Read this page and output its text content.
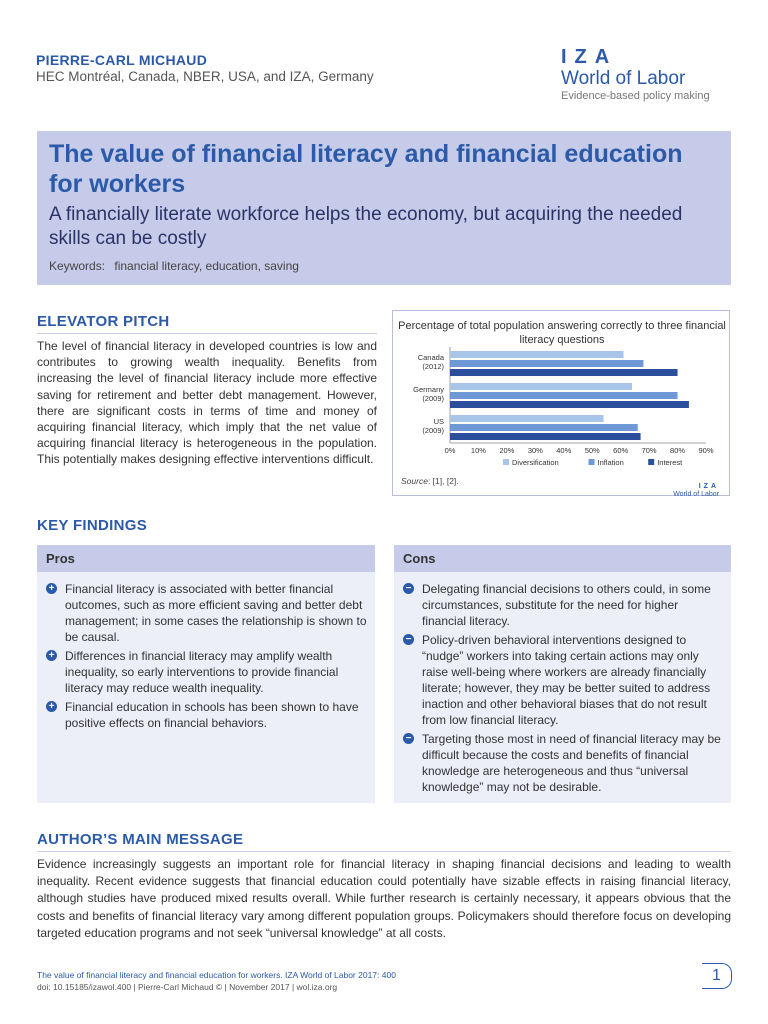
PIERRE-CARL MICHAUD
HEC Montréal, Canada, NBER, USA, and IZA, Germany
IZA
World of Labor
Evidence-based policy making
The value of financial literacy and financial education for workers
A financially literate workforce helps the economy, but acquiring the needed skills can be costly
Keywords: financial literacy, education, saving
ELEVATOR PITCH
The level of financial literacy in developed countries is low and contributes to growing wealth inequality. Benefits from increasing the level of financial literacy include more effective saving for retirement and better debt management. However, there are significant costs in terms of time and money of acquiring financial literacy, which imply that the net value of acquiring financial literacy is heterogeneous in the population. This potentially makes designing effective interventions difficult.
Percentage of total population answering correctly to three financial literacy questions
Canada
(2012)
Germany
(2009)
US
(2009)
0% 10% 20% 30% 40% 50% 60% 70% 80% 90%
Diversification	Inflation	Interest
Source: [1], [2].
IZA
World of Labor
KEY FINDINGS
Pros
+ Financial literacy is associated with better financial outcomes, such as more efficient saving and better debt management; in some cases the relationship is shown to be causal.
+ Differences in financial literacy may amplify wealth inequality, so early interventions to provide financial literacy may reduce wealth inequality.
+ Financial education in schools has been shown to have positive effects on financial behaviors.
Cons
− Delegating financial decisions to others could, in some circumstances, substitute for the need for higher financial literacy.
− Policy-driven behavioral interventions designed to “nudge” workers into taking certain actions may only raise well-being where workers are already financially literate; however, they may be better suited to address inaction and other behavioral biases that do not result from low financial literacy.
− Targeting those most in need of financial literacy may be difficult because the costs and benefits of financial knowledge are heterogeneous and thus “universal knowledge” may not be desirable.
AUTHOR’S MAIN MESSAGE
Evidence increasingly suggests an important role for financial literacy in shaping financial decisions and leading to wealth inequality. Recent evidence suggests that financial education could potentially have sizable effects in raising financial literacy, although studies have produced mixed results overall. While further research is certainly necessary, it appears obvious that the costs and benefits of financial literacy vary among different population groups. Policymakers should therefore focus on developing targeted education programs and not seek “universal knowledge” at all costs.
The value of financial literacy and financial education for workers. IZA World of Labor 2017: 400
doi: 10.15185/izawol.400 | Pierre-Carl Michaud © | November 2017 | wol.iza.org
1
